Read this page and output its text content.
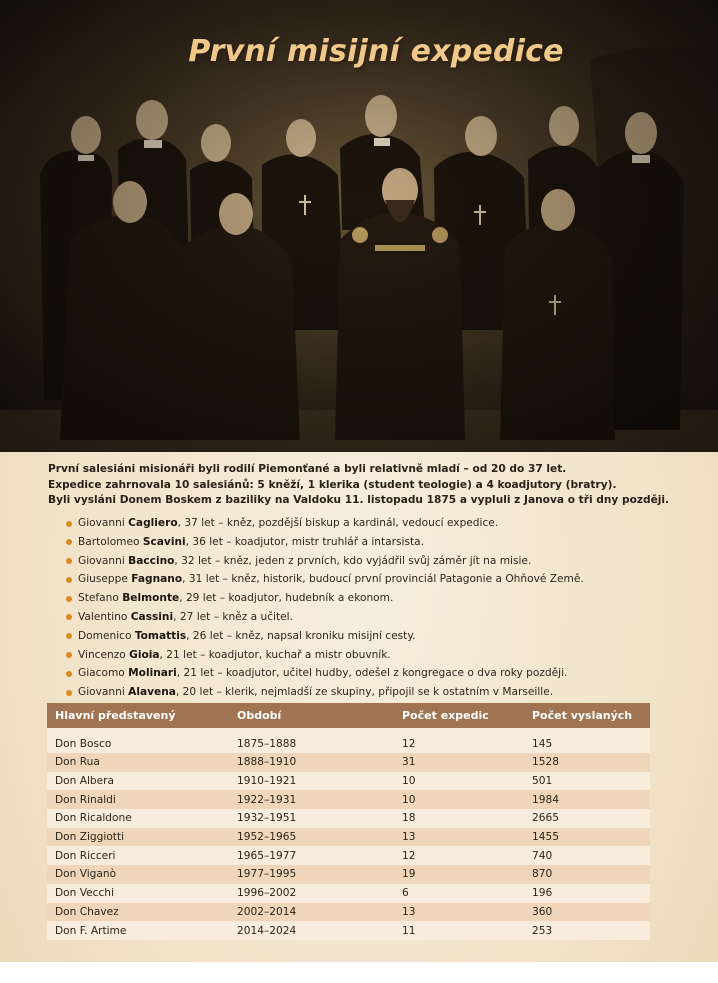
První misijní expedice
První salesiáni misionáři byli rodilí Piemonťané a byli relativně mladí – od 20 do 37 let.
Expedice zahrnovala 10 salesiánů: 5 kněží, 1 klerika (student teologie) a 4 koadjutory (bratry).
Byli vysláni Donem Boskem z baziliky na Valdoku 11. listopadu 1875 a vypluli z Janova o tři dny později.
Giovanni Cagliero, 37 let – kněz, pozdější biskup a kardinál, vedoucí expedice.
Bartolomeo Scavini, 36 let – koadjutor, mistr truhlář a intarsista.
Giovanni Baccino, 32 let – kněz, jeden z prvních, kdo vyjádřil svůj záměr jít na misie.
Giuseppe Fagnano, 31 let – kněz, historik, budoucí první provinciál Patagonie a Ohňové Země.
Stefano Belmonte, 29 let – koadjutor, hudebník a ekonom.
Valentino Cassini, 27 let – kněz a učitel.
Domenico Tomattis, 26 let – kněz, napsal kroniku misijní cesty.
Vincenzo Gioia, 21 let – koadjutor, kuchař a mistr obuvník.
Giacomo Molinari, 21 let – koadjutor, učitel hudby, odešel z kongregace o dva roky později.
Giovanni Alavena, 20 let – klerik, nejmladší ze skupiny, připojil se k ostatním v Marseille.
Hlavní představený	Období	Počet expedic	Počet vyslaných
Don Bosco	1875–1888	12	145
Don Rua	1888–1910	31	1528
Don Albera	1910–1921	10	501
Don Rinaldi	1922–1931	10	1984
Don Ricaldone	1932–1951	18	2665
Don Ziggiotti	1952–1965	13	1455
Don Ricceri	1965–1977	12	740
Don Viganò	1977–1995	19	870
Don Vecchi	1996–2002	6	196
Don Chavez	2002–2014	13	360
Don F. Artime	2014–2024	11	253
